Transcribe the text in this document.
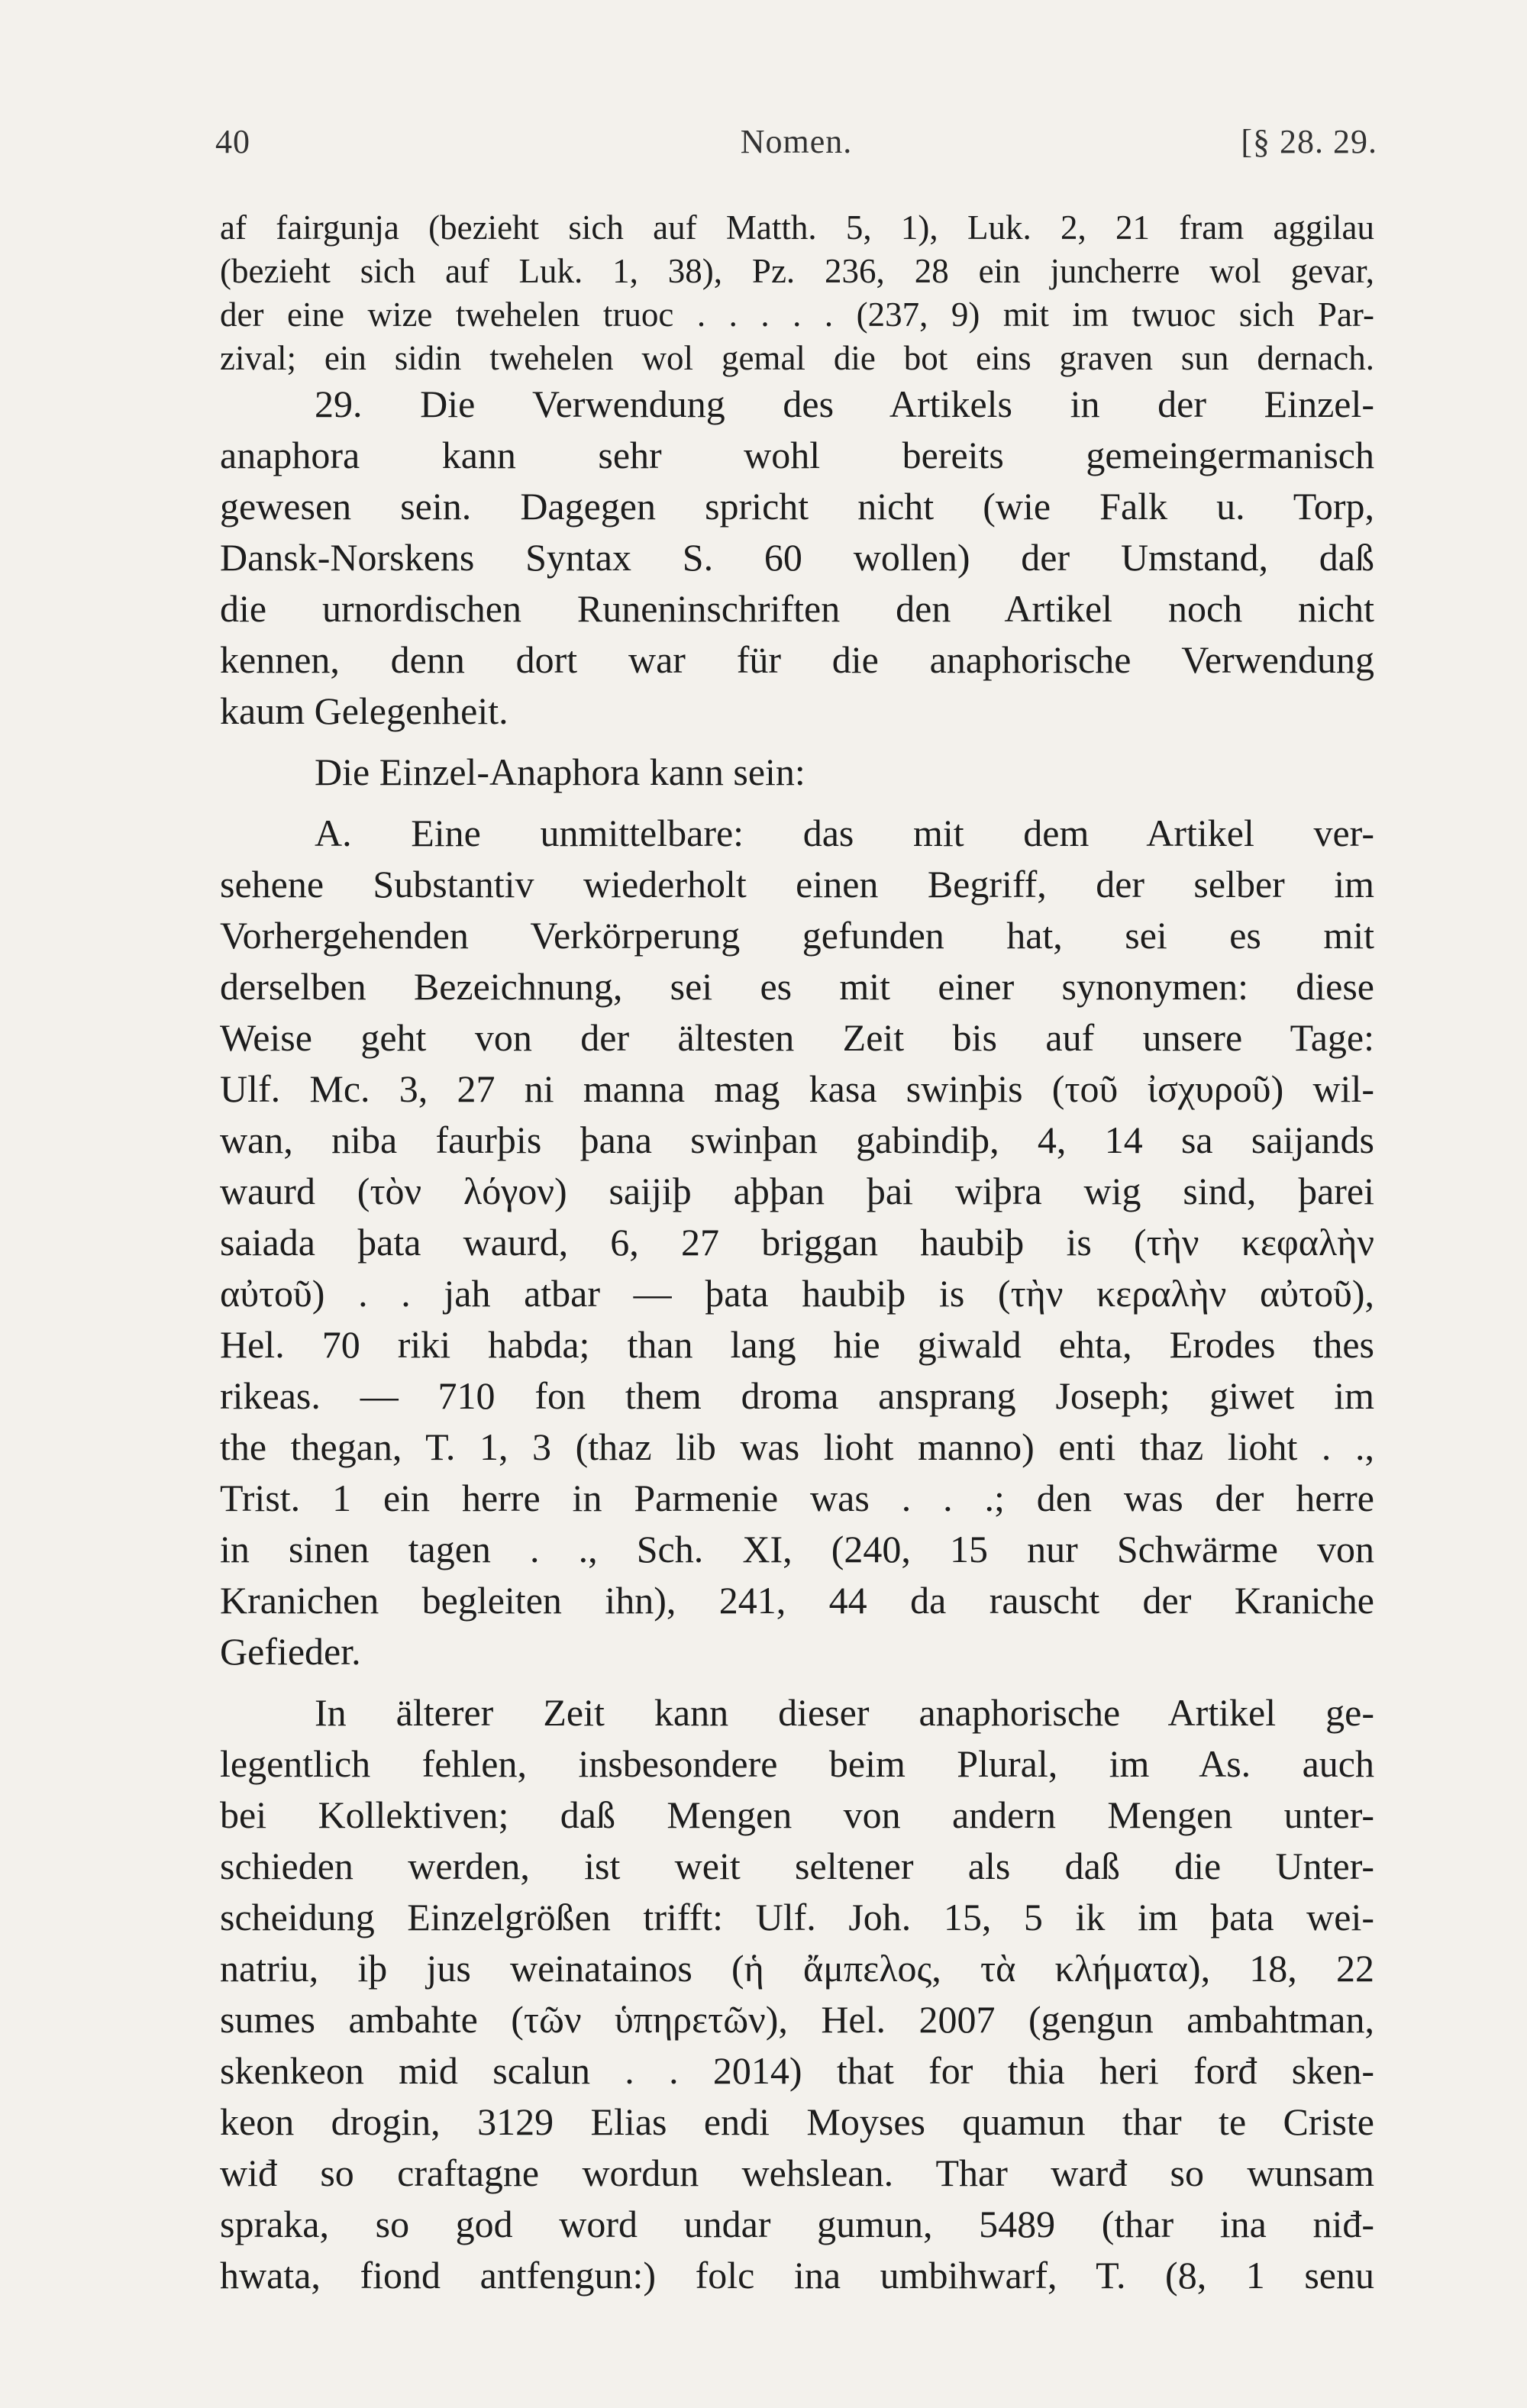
Nomen.
40	[§ 28. 29.
af fairgunja (bezieht sich auf Matth. 5, 1), Luk. 2, 21 fram aggilau
(bezieht sich auf Luk. 1, 38), Pz. 236, 28 ein juncherre wol gevar,
der eine wize twehelen truoc . . . . . (237, 9) mit im twuoc sich Par-
zival; ein sidin twehelen wol gemal die bot eins graven sun dernach.
29. Die Verwendung des Artikels in der Einzel-
anaphora kann sehr wohl bereits gemeingermanisch
gewesen sein. Dagegen spricht nicht (wie Falk u. Torp,
Dansk-Norskens Syntax S. 60 wollen) der Umstand, daß
die urnordischen Runeninschriften den Artikel noch nicht
kennen, denn dort war für die anaphorische Verwendung
kaum Gelegenheit.
Die Einzel-Anaphora kann sein:
A. Eine unmittelbare: das mit dem Artikel ver-
sehene Substantiv wiederholt einen Begriff, der selber im
Vorhergehenden Verkörperung gefunden hat, sei es mit
derselben Bezeichnung, sei es mit einer synonymen: diese
Weise geht von der ältesten Zeit bis auf unsere Tage:
Ulf. Mc. 3, 27 ni manna mag kasa swinþis (τοῦ ἰσχυροῦ) wil-
wan, niba faurþis þana swinþan gabindiþ, 4, 14 sa saijands
waurd (τὸν λόγον) saijiþ aþþan þai wiþra wig sind, þarei
saiada þata waurd, 6, 27 briggan haubiþ is (τὴν κεφαλὴν
αὐτοῦ) . . jah atbar — þata haubiþ is (τὴν κεραλὴν αὐτοῦ),
Hel. 70 riki habda; than lang hie giwald ehta, Erodes thes
rikeas. — 710 fon them droma ansprang Joseph; giwet im
the thegan, T. 1, 3 (thaz lib was lioht manno) enti thaz lioht . .,
Trist. 1 ein herre in Parmenie was . . .; den was der herre
in sinen tagen . ., Sch. XI, (240, 15 nur Schwärme von
Kranichen begleiten ihn), 241, 44 da rauscht der Kraniche
Gefieder.
In älterer Zeit kann dieser anaphorische Artikel ge-
legentlich fehlen, insbesondere beim Plural, im As. auch
bei Kollektiven; daß Mengen von andern Mengen unter-
schieden werden, ist weit seltener als daß die Unter-
scheidung Einzelgrößen trifft: Ulf. Joh. 15, 5 ik im þata wei-
natriu, iþ jus weinatainos (ἡ ἄμπελος, τὰ κλήματα), 18, 22
sumes ambahte (τῶν ὑπηρετῶν), Hel. 2007 (gengun ambahtman,
skenkeon mid scalun . . 2014) that for thia heri forđ sken-
keon drogin, 3129 Elias endi Moyses quamun thar te Criste
wiđ so craftagne wordun wehslean. Thar warđ so wunsam
spraka, so god word undar gumun, 5489 (thar ina niđ-
hwata, fiond antfengun:) folc ina umbihwarf, T. (8, 1 senu
